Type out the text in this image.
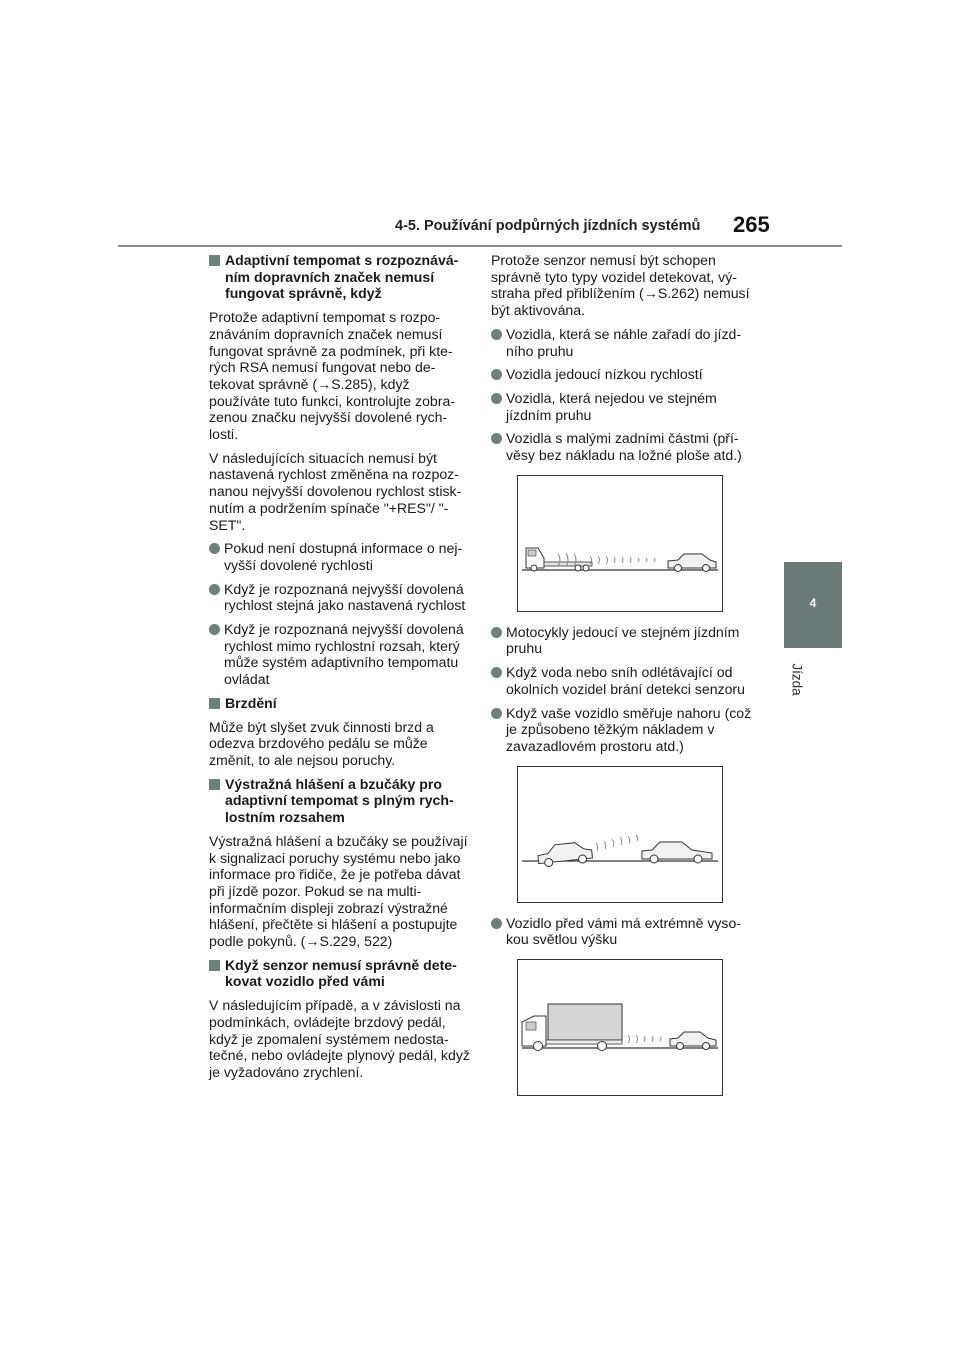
4-5. Používání podpůrných jízdních systémů 265
4
Jízda
Adaptivní tempomat s rozpoznáváním dopravních značek nemusí fungovat správně, když

Protože adaptivní tempomat s rozpoznáváním dopravních značek nemusí fungovat správně za podmínek, při kterých RSA nemusí fungovat nebo detekovat správně (→S.285), když používáte tuto funkci, kontrolujte zobrazenou značku nejvyšší dovolené rychlosti.

V následujících situacích nemusí být nastavená rychlost změněna na rozpoznanou nejvyšší dovolenou rychlost stisknutím a podržením spínače "+RES"/ "-SET".

Pokud není dostupná informace o nejvyšší dovolené rychlosti
Když je rozpoznaná nejvyšší dovolená rychlost stejná jako nastavená rychlost
Když je rozpoznaná nejvyšší dovolená rychlost mimo rychlostní rozsah, který může systém adaptivního tempomatu ovládat
Brzdění

Může být slyšet zvuk činnosti brzd a odezva brzdového pedálu se může změnit, to ale nejsou poruchy.

Výstražná hlášení a bzučáky pro adaptivní tempomat s plným rychlostním rozsahem

Výstražná hlášení a bzučáky se používají k signalizaci poruchy systému nebo jako informace pro řidiče, že je potřeba dávat při jízdě pozor. Pokud se na multiinformačním displeji zobrazí výstražné hlášení, přečtěte si hlášení a postupujte podle pokynů. (→S.229, 522)

Když senzor nemusí správně detekovat vozidlo před vámi

V následujícím případě, a v závislosti na podmínkách, ovládejte brzdový pedál, když je zpomalení systémem nedostatečné, nebo ovládejte plynový pedál, když je vyžadováno zrychlení.

Protože senzor nemusí být schopen správně tyto typy vozidel detekovat, výstraha před přiblížením (→S.262) nemusí být aktivována.

Vozidla, která se náhle zařadí do jízdního pruhu
Vozidla jedoucí nízkou rychlostí
Vozidla, která nejedou ve stejném jízdním pruhu
Vozidla s malými zadními částmi (přívěsy bez nákladu na ložné ploše atd.)
Motocykly jedoucí ve stejném jízdním pruhu
Když voda nebo sníh odlétávající od okolních vozidel brání detekci senzoru
Když vaše vozidlo směřuje nahoru (což je způsobeno těžkým nákladem v zavazadlovém prostoru atd.)
Vozidlo před vámi má extrémně vysokou světlou výšku
